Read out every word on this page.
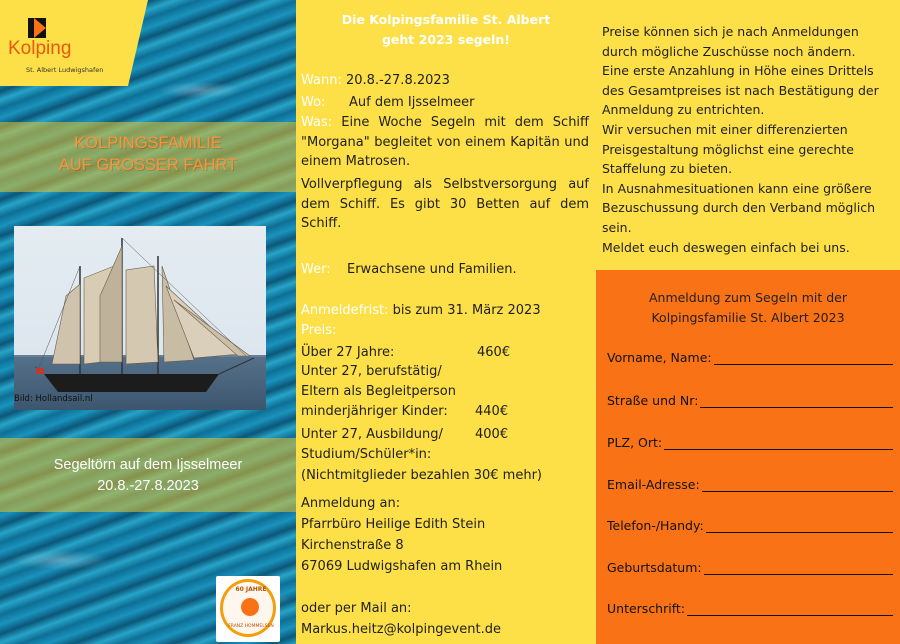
Kolping
St. Albert Ludwigshafen
KOLPINGSFAMILIE
AUF GROSSER FAHRT
Bild: Hollandsail.nl
Segeltörn auf dem Ijsselmeer
20.8.-27.8.2023
60 JAHRE
FRANZ HOMMELSEN
Die Kolpingsfamilie St. Albert
geht 2023 segeln!
Wann: 20.8.-27.8.2023
Wo: Auf dem Ijsselmeer
Was: Eine Woche Segeln mit dem Schiff "Morgana" begleitet von einem Kapitän und einem Matrosen.
Vollverpflegung als Selbstversorgung auf dem Schiff. Es gibt 30 Betten auf dem Schiff.
Wer: Erwachsene und Familien.
Anmeldefrist: bis zum 31. März 2023
Preis:
Über 27 Jahre:	460€
Unter 27, berufstätig/
Eltern als Begleitperson
minderjähriger Kinder: 440€
Unter 27, Ausbildung/ 400€
Studium/Schüler*in:
(Nichtmitglieder bezahlen 30€ mehr)
Anmeldung an:
Pfarrbüro Heilige Edith Stein
Kirchenstraße 8
67069 Ludwigshafen am Rhein
oder per Mail an:
Markus.heitz@kolpingevent.de
Preise können sich je nach Anmeldungen
durch mögliche Zuschüsse noch ändern.
Eine erste Anzahlung in Höhe eines Drittels
des Gesamtpreises ist nach Bestätigung der
Anmeldung zu entrichten.
Wir versuchen mit einer differenzierten
Preisgestaltung möglichst eine gerechte
Staffelung zu bieten.
In Ausnahmesituationen kann eine größere
Bezuschussung durch den Verband möglich
sein.
Meldet euch deswegen einfach bei uns.
Anmeldung zum Segeln mit der
Kolpingsfamilie St. Albert 2023
Vorname, Name:
Straße und Nr:
PLZ, Ort:
Email-Adresse:
Telefon-/Handy:
Geburtsdatum:
Unterschrift:
